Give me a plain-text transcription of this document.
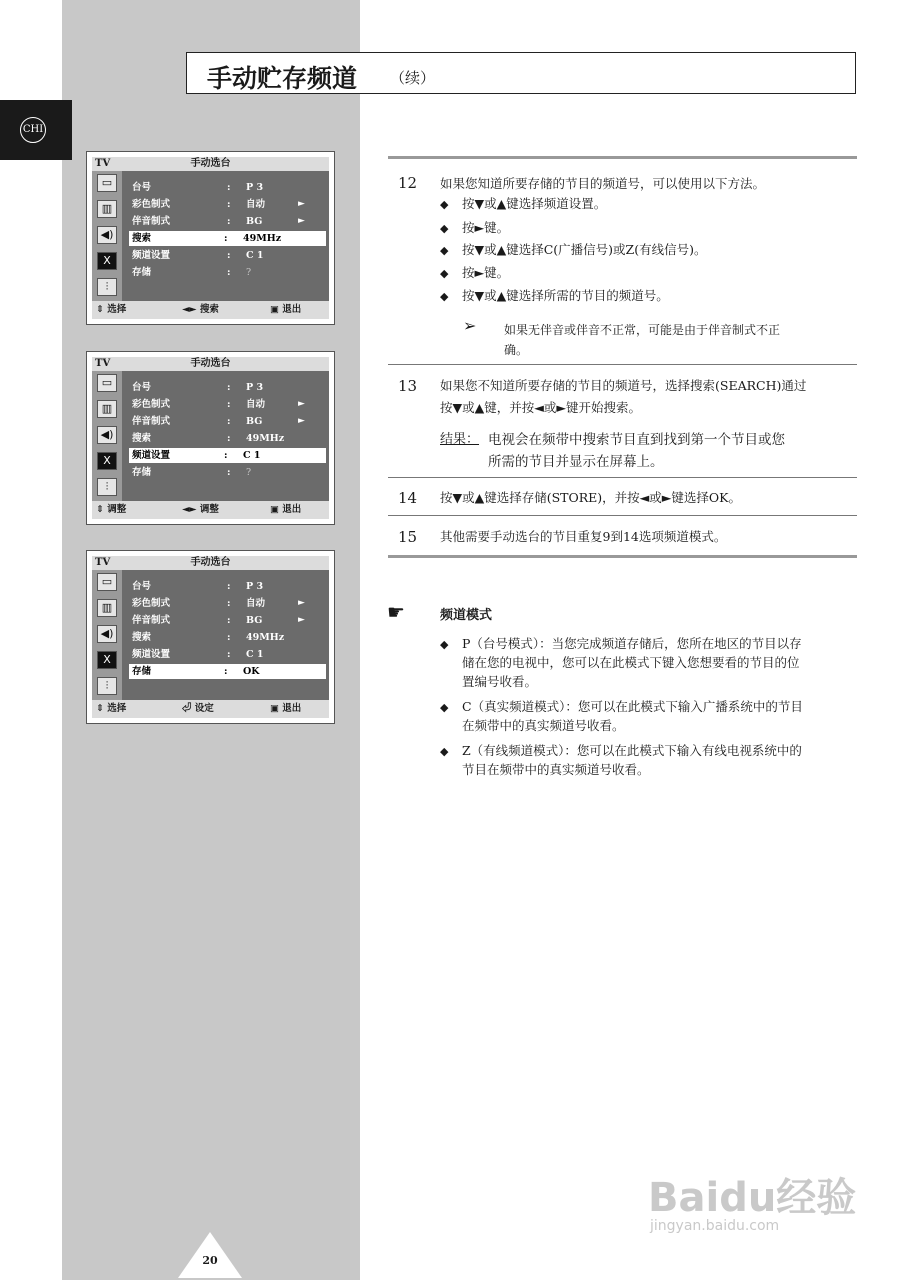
CHI
手动贮存频道 （续）
TV	手动选台
▭
▥
◀)
X
⫶
台号	: P 3
彩色制式	: 自动	►
伴音制式	: BG	►
搜索	: 49MHz
频道设置	: C 1
存储	: ?
⇕ 选择	◄► 搜索	▣ 退出
TV	手动选台
▭
▥
◀)
X
⫶
台号	: P 3
彩色制式	: 自动	►
伴音制式	: BG	►
搜索	: 49MHz
频道设置	: C 1
存储	: ?
⇕ 调整	◄► 调整	▣ 退出
TV	手动选台
▭
▥
◀)
X
⫶
台号	: P 3
彩色制式	: 自动	►
伴音制式	: BG	►
搜索	: 49MHz
频道设置	: C 1
存储	: OK
⇕ 选择	⏎ 设定	▣ 退出
12 如果您知道所要存储的节目的频道号，可以使用以下方法。
◆ 按▼或▲键选择频道设置。
◆ 按►键。
◆ 按▼或▲键选择C(广播信号)或Z(有线信号)。
◆ 按►键。
◆ 按▼或▲键选择所需的节目的频道号。
➢ 如果无伴音或伴音不正常，可能是由于伴音制式不正
确。
13 如果您不知道所要存储的节目的频道号，选择搜索(SEARCH)通过
按▼或▲键，并按◄或►键开始搜索。
结果： 电视会在频带中搜索节目直到找到第一个节目或您
所需的节目并显示在屏幕上。
14 按▼或▲键选择存储(STORE)，并按◄或►键选择OK。
15 其他需要手动选台的节目重复9到14选项频道模式。
☛	频道模式
◆ P（台号模式）：当您完成频道存储后，您所在地区的节目以存
储在您的电视中，您可以在此模式下键入您想要看的节目的位
置编号收看。
◆ C（真实频道模式）：您可以在此模式下输入广播系统中的节目
在频带中的真实频道号收看。
◆ Z（有线频道模式）：您可以在此模式下输入有线电视系统中的
节目在频带中的真实频道号收看。
20
Baidu经验
jingyan.baidu.com
